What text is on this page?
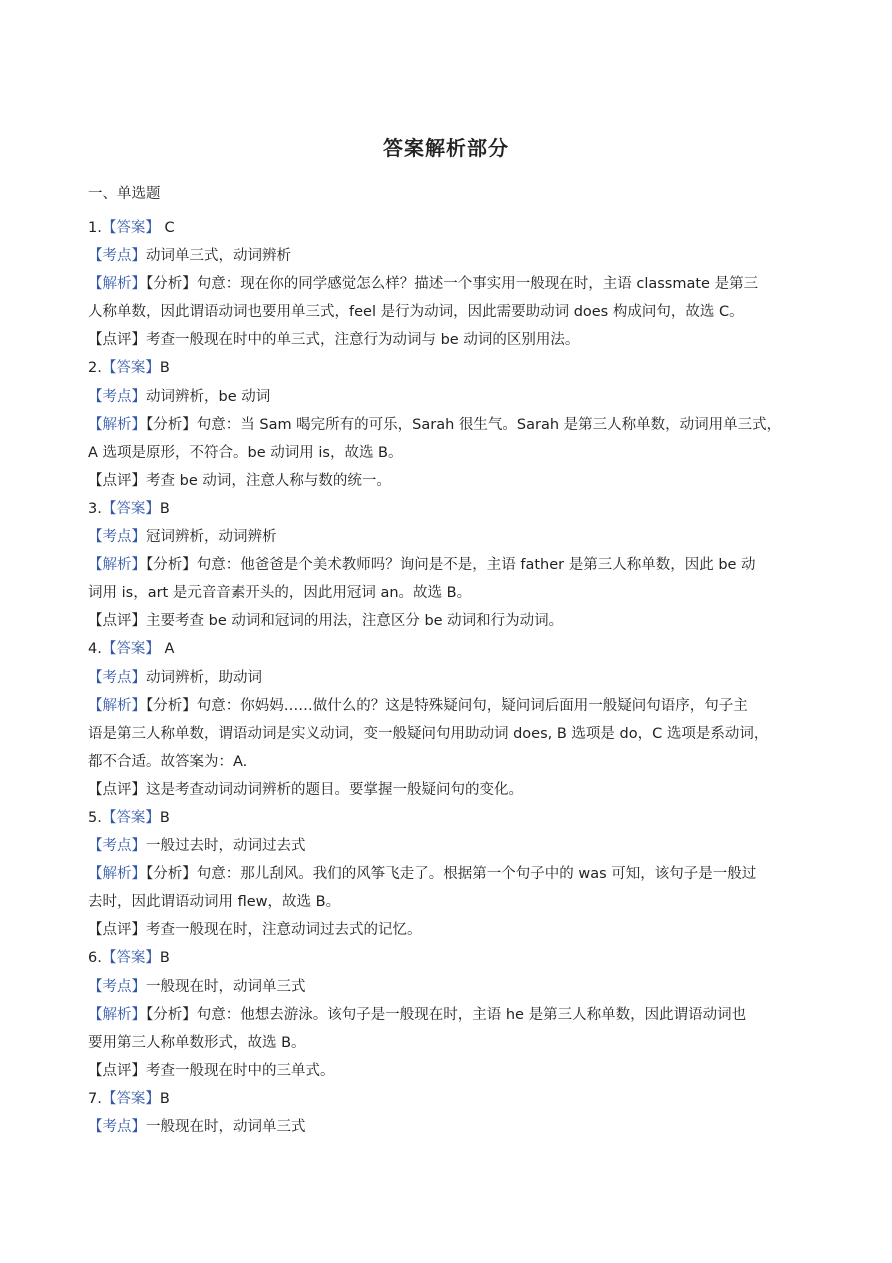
答案解析部分
一、单选题
1.【答案】 C
【考点】动词单三式，动词辨析
【解析】【分析】句意：现在你的同学感觉怎么样？描述一个事实用一般现在时，主语 classmate 是第三
人称单数，因此谓语动词也要用单三式，feel 是行为动词，因此需要助动词 does 构成问句，故选 C。
【点评】考查一般现在时中的单三式，注意行为动词与 be 动词的区别用法。
2.【答案】B
【考点】动词辨析，be 动词
【解析】【分析】句意：当 Sam 喝完所有的可乐，Sarah 很生气。Sarah 是第三人称单数，动词用单三式，
A 选项是原形，不符合。be 动词用 is，故选 B。
【点评】考查 be 动词，注意人称与数的统一。
3.【答案】B
【考点】冠词辨析，动词辨析
【解析】【分析】句意：他爸爸是个美术教师吗？询问是不是，主语 father 是第三人称单数，因此 be 动
词用 is，art 是元音音素开头的，因此用冠词 an。故选 B。
【点评】主要考查 be 动词和冠词的用法，注意区分 be 动词和行为动词。
4.【答案】 A
【考点】动词辨析，助动词
【解析】【分析】句意：你妈妈……做什么的？这是特殊疑问句，疑问词后面用一般疑问句语序，句子主
语是第三人称单数，谓语动词是实义动词，变一般疑问句用助动词 does, B 选项是 do，C 选项是系动词，
都不合适。故答案为：A.
【点评】这是考查动词动词辨析的题目。要掌握一般疑问句的变化。
5.【答案】B
【考点】一般过去时，动词过去式
【解析】【分析】句意：那儿刮风。我们的风筝飞走了。根据第一个句子中的 was 可知，该句子是一般过
去时，因此谓语动词用 flew，故选 B。
【点评】考查一般现在时，注意动词过去式的记忆。
6.【答案】B
【考点】一般现在时，动词单三式
【解析】【分析】句意：他想去游泳。该句子是一般现在时，主语 he 是第三人称单数，因此谓语动词也
要用第三人称单数形式，故选 B。
【点评】考查一般现在时中的三单式。
7.【答案】B
【考点】一般现在时，动词单三式
